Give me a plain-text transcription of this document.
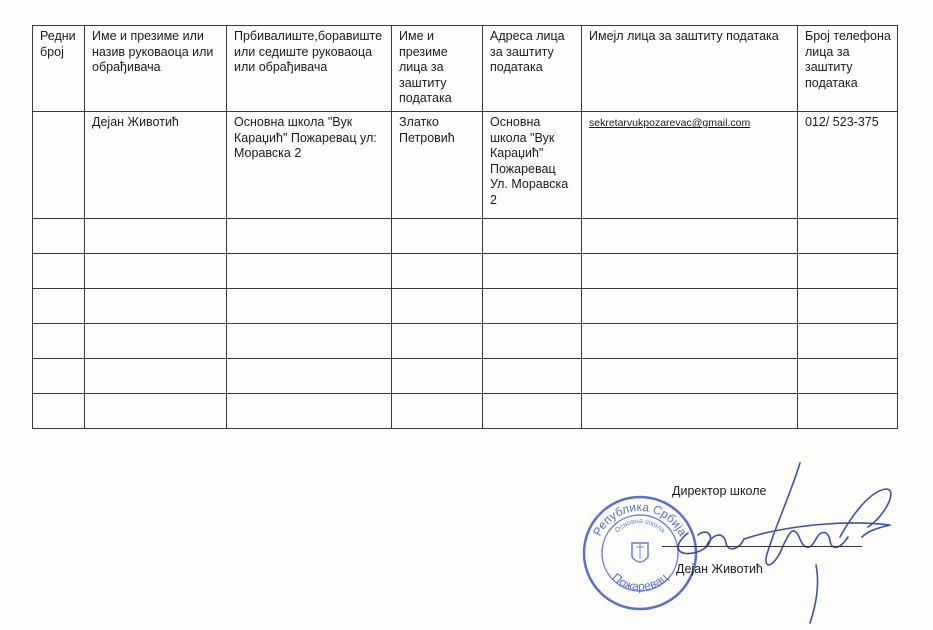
Редни број	Име и презиме или назив руковаоца или обрађивача	Прбивалиште,боравиште или седиште руковаоца или обрађивача	Име и презиме лица за заштиту података	Адреса лица за заштиту података	Имејл лица за заштиту података	Број телефона лица за заштиту података
	Дејан Животић	Основна школа "Вук Караџић" Пожаревац ул: Моравска 2	Златко Петровић	Основна школа "Вук Караџић" Пожаревац Ул. Моравска 2	sekretarvukpozarevac@gmail.com	012/ 523-375

Република Србија
Основна школа
Пожаревац
Директор школе
Дејан Животић
